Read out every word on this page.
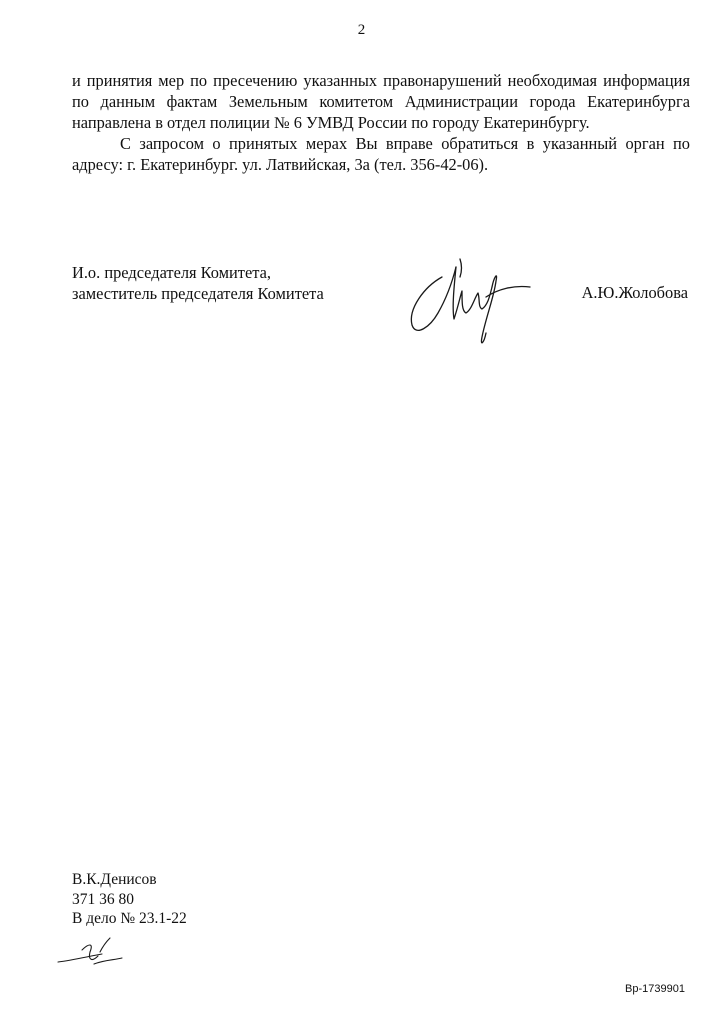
2

и принятия мер по пресечению указанных правонарушений необходимая информация по данным фактам Земельным комитетом Администрации города Екатеринбурга направлена в отдел полиции № 6 УМВД России по городу Екатеринбургу.

С запросом о принятых мерах Вы вправе обратиться в указанный орган по адресу: г. Екатеринбург. ул. Латвийская, 3а (тел. 356-42-06).

И.о. председателя Комитета,
заместитель председателя Комитета	А.Ю.Жолобова
В.К.Денисов
371 36 80
В дело № 23.1-22
Вр-1739901
